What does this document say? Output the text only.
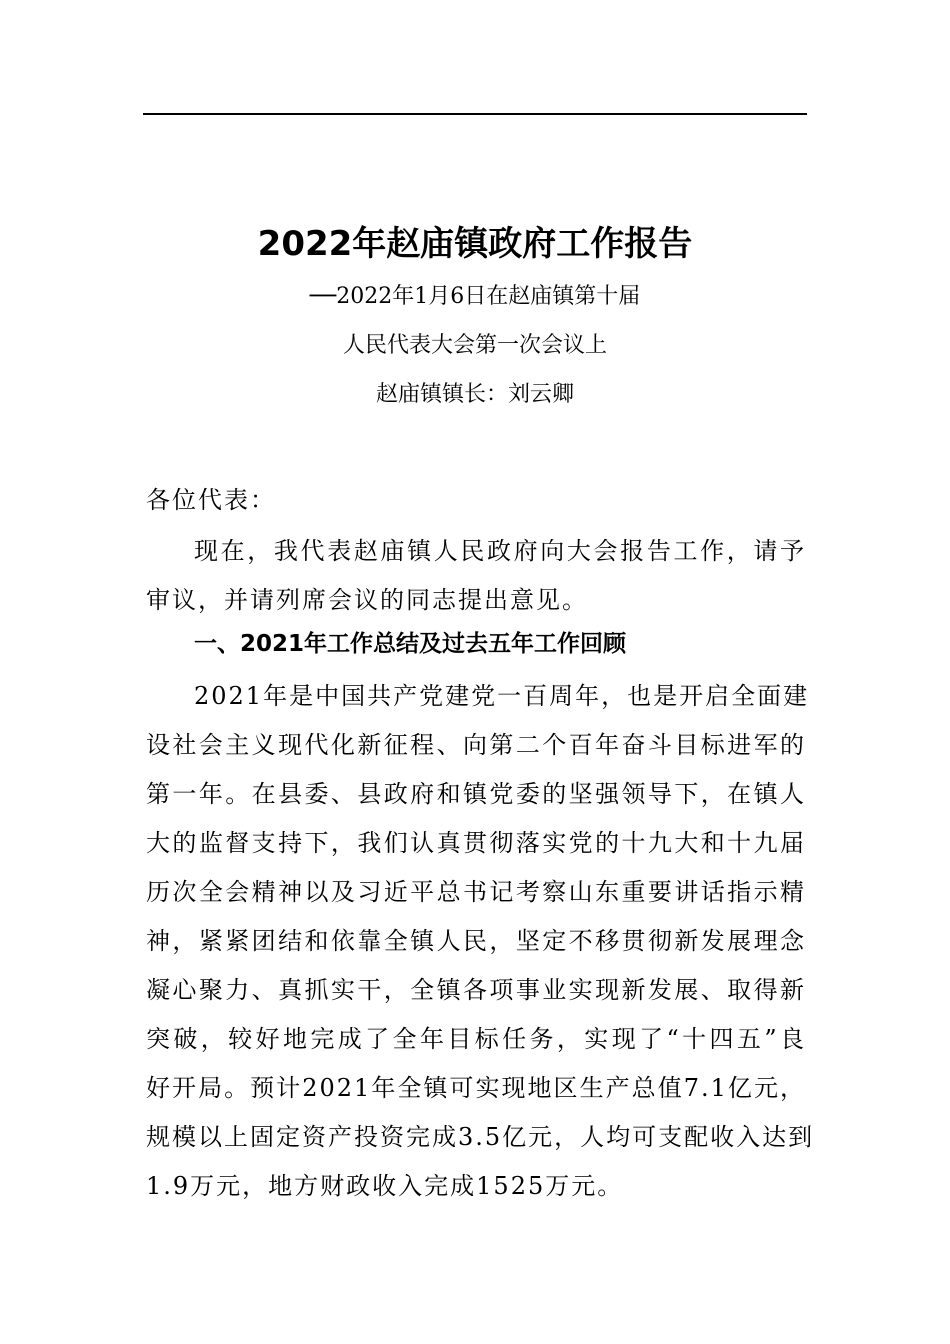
2022年赵庙镇政府工作报告
──2022年1月6日在赵庙镇第十届
人民代表大会第一次会议上
赵庙镇镇长：刘云卿
各位代表：
现在，我代表赵庙镇人民政府向大会报告工作，请予
审议，并请列席会议的同志提出意见。
一、2021年工作总结及过去五年工作回顾
2021年是中国共产党建党一百周年，也是开启全面建
设社会主义现代化新征程、向第二个百年奋斗目标进军的
第一年。在县委、县政府和镇党委的坚强领导下，在镇人
大的监督支持下，我们认真贯彻落实党的十九大和十九届
历次全会精神以及习近平总书记考察山东重要讲话指示精
神，紧紧团结和依靠全镇人民，坚定不移贯彻新发展理念
凝心聚力、真抓实干，全镇各项事业实现新发展、取得新
突破，较好地完成了全年目标任务，实现了“十四五”良
好开局。预计2021年全镇可实现地区生产总值7.1亿元，
规模以上固定资产投资完成3.5亿元，人均可支配收入达到
1.9万元，地方财政收入完成1525万元。
